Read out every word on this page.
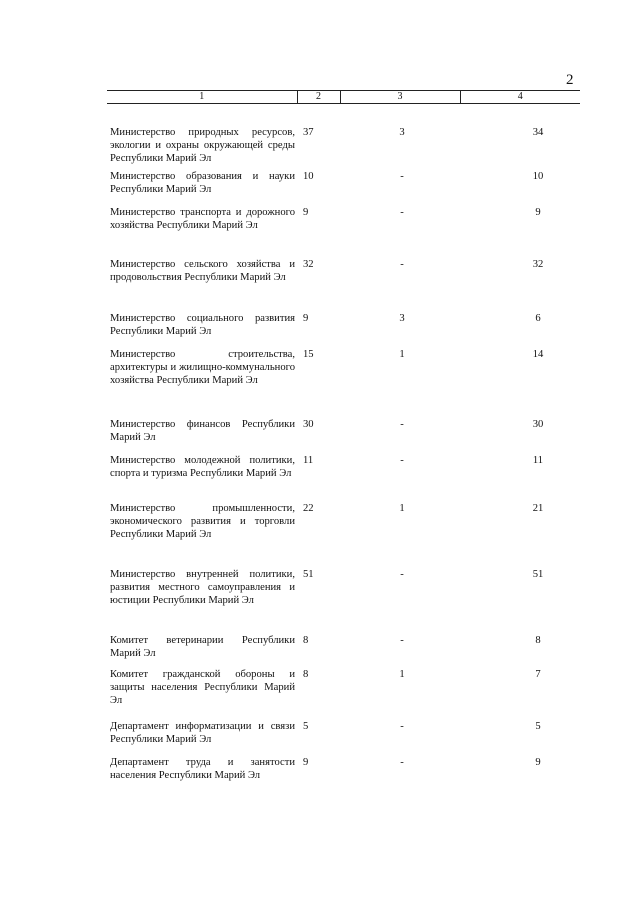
2
1	2	3	4
Министерство природных ресурсов, экологии и охраны окружающей среды Республики Марий Эл	37	3	34
Министерство образования и науки Республики Марий Эл	10	-	10
Министерство транспорта и дорожного хозяйства Республики Марий Эл	9	-	9
Министерство сельского хозяйства и продовольствия Республики Марий Эл	32	-	32
Министерство социального развития Республики Марий Эл	9	3	6
Министерство строительства, архитектуры и жилищно-коммунального хозяйства Республики Марий Эл	15	1	14
Министерство финансов Республики Марий Эл	30	-	30
Министерство молодежной политики, спорта и туризма Республики Марий Эл	11	-	11
Министерство промышленности, экономического развития и торговли Республики Марий Эл	22	1	21
Министерство внутренней политики, развития местного самоуправления и юстиции Республики Марий Эл	51	-	51
Комитет ветеринарии Республики Марий Эл	8	-	8
Комитет гражданской обороны и защиты населения Республики Марий Эл	8	1	7
Департамент информатизации и связи Республики Марий Эл	5	-	5
Департамент труда и занятости населения Республики Марий Эл	9	-	9
